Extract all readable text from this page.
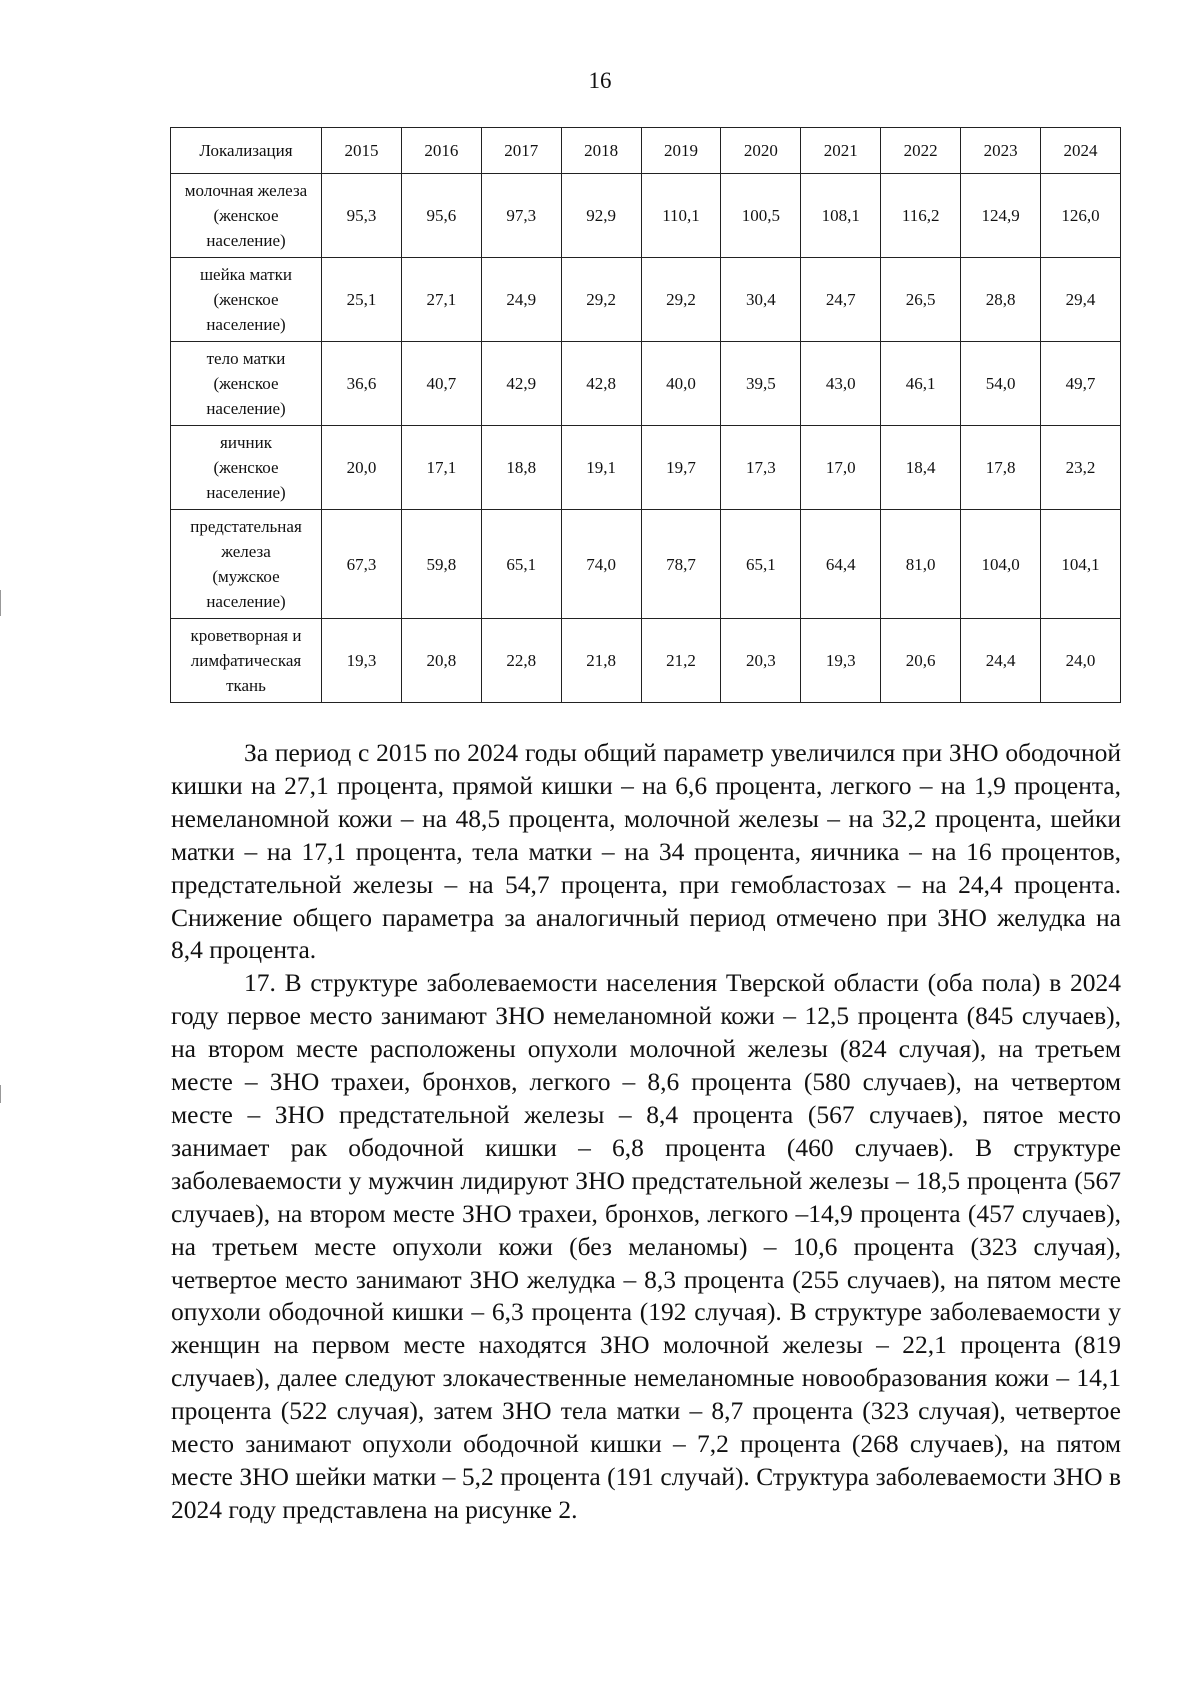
16
Локализация	2015	2016	2017	2018	2019	2020	2021	2022	2023	2024

молочная железа
(женское
население)	95,3	95,6	97,3	92,9	110,1	100,5	108,1	116,2	124,9	126,0

шейка матки
(женское
население)	25,1	27,1	24,9	29,2	29,2	30,4	24,7	26,5	28,8	29,4

тело матки
(женское
население)	36,6	40,7	42,9	42,8	40,0	39,5	43,0	46,1	54,0	49,7

яичник
(женское
население)	20,0	17,1	18,8	19,1	19,7	17,3	17,0	18,4	17,8	23,2

предстательная
железа
(мужское
население)	67,3	59,8	65,1	74,0	78,7	65,1	64,4	81,0	104,0	104,1

кроветворная и
лимфатическая
ткань	19,3	20,8	22,8	21,8	21,2	20,3	19,3	20,6	24,4	24,0

За период с 2015 по 2024 годы общий параметр увеличился при ЗНО ободочной кишки на 27,1 процента, прямой кишки – на 6,6 процента, легкого – на 1,9 процента, немеланомной кожи – на 48,5 процента, молочной железы – на 32,2 процента, шейки матки – на 17,1 процента, тела матки – на 34 процента, яичника – на 16 процентов, предстательной железы – на 54,7 процента, при гемобластозах – на 24,4 процента. Снижение общего параметра за аналогичный период отмечено при ЗНО желудка на 8,4 процента.

17. В структуре заболеваемости населения Тверской области (оба пола) в 2024 году первое место занимают ЗНО немеланомной кожи – 12,5 процента (845 случаев), на втором месте расположены опухоли молочной железы (824 случая), на третьем месте – ЗНО трахеи, бронхов, легкого – 8,6 процента (580 случаев), на четвертом месте – ЗНО предстательной железы – 8,4 процента (567 случаев), пятое место занимает рак ободочной кишки – 6,8 процента (460 случаев). В структуре заболеваемости у мужчин лидируют ЗНО предстательной железы – 18,5 процента (567 случаев), на втором месте ЗНО трахеи, бронхов, легкого –14,9 процента (457 случаев), на третьем месте опухоли кожи (без меланомы) – 10,6 процента (323 случая), четвертое место занимают ЗНО желудка – 8,3 процента (255 случаев), на пятом месте опухоли ободочной кишки – 6,3 процента (192 случая). В структуре заболеваемости у женщин на первом месте находятся ЗНО молочной железы – 22,1 процента (819 случаев), далее следуют злокачественные немеланомные новообразования кожи – 14,1 процента (522 случая), затем ЗНО тела матки – 8,7 процента (323 случая), четвертое место занимают опухоли ободочной кишки – 7,2 процента (268 случаев), на пятом месте ЗНО шейки матки – 5,2 процента (191 случай). Структура заболеваемости ЗНО в 2024 году представлена на рисунке 2.
